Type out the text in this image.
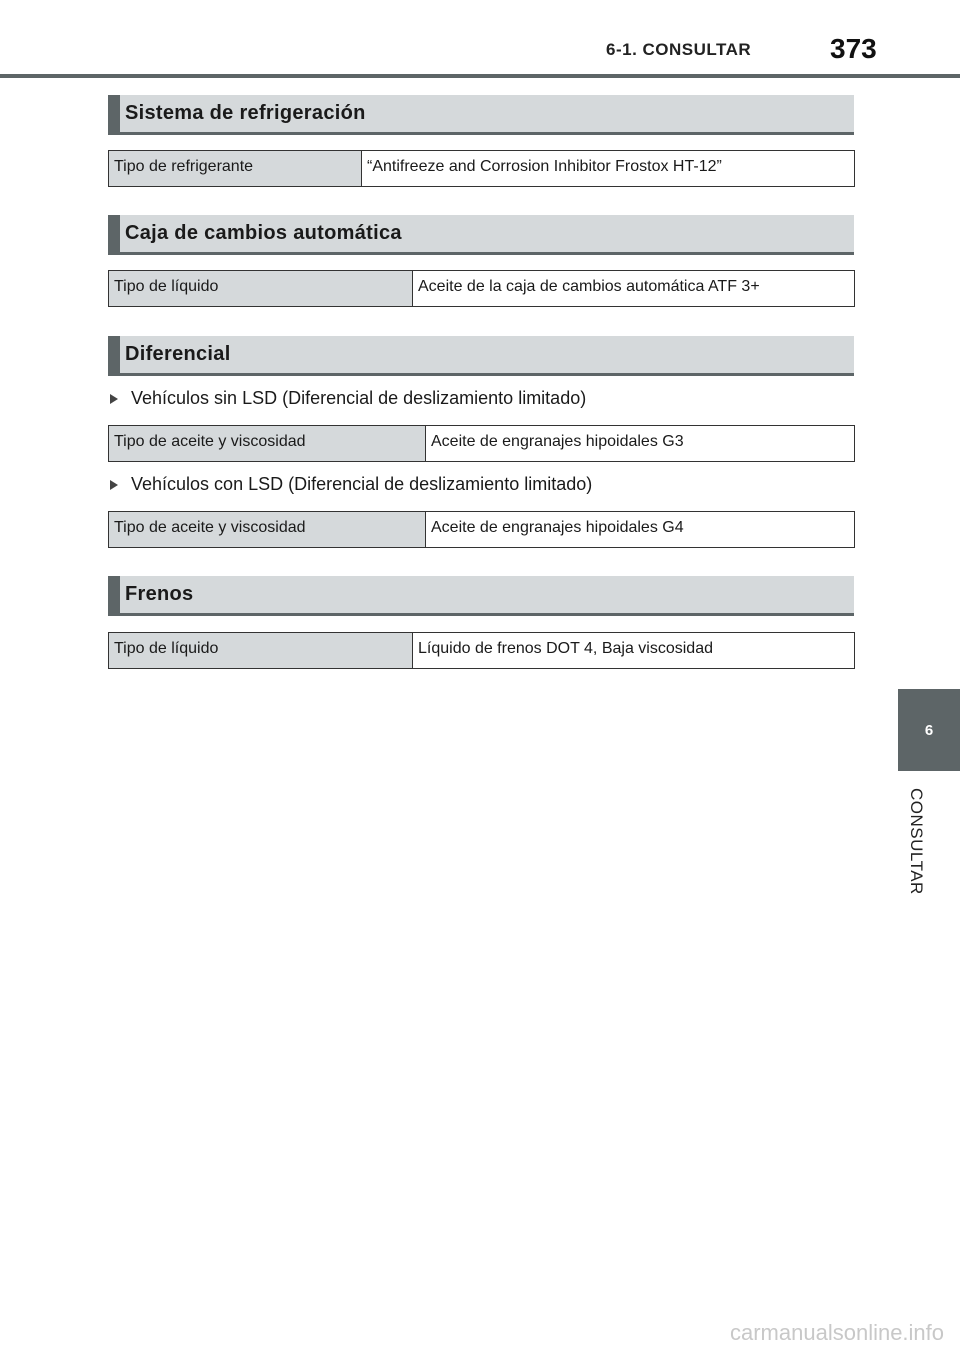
6-1. CONSULTAR	373
Sistema de refrigeración
Tipo de refrigerante	“Antifreeze and Corrosion Inhibitor Frostox HT-12”
Caja de cambios automática
Tipo de líquido	Aceite de la caja de cambios automática ATF 3+
Diferencial
Vehículos sin LSD (Diferencial de deslizamiento limitado)
Tipo de aceite y viscosidad	Aceite de engranajes hipoidales G3
Vehículos con LSD (Diferencial de deslizamiento limitado)
Tipo de aceite y viscosidad	Aceite de engranajes hipoidales G4
Frenos
Tipo de líquido	Líquido de frenos DOT 4, Baja viscosidad
6
CONSULTAR
carmanualsonline.info
